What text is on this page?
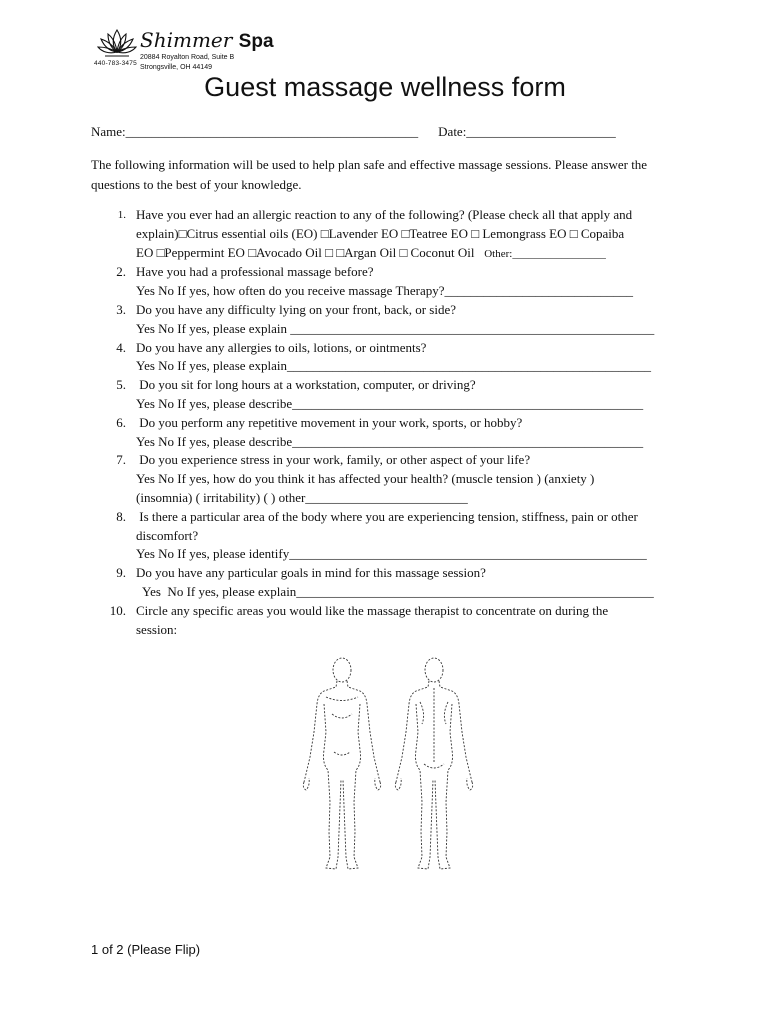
Shimmer Spa
440-783-3475
20884 Royalton Road, Suite B
Strongsville, OH 44149
Guest massage wellness form
Name:_____________________________________________ Date:_______________________

The following information will be used to help plan safe and effective massage sessions. Please answer the questions to the best of your knowledge.

1. Have you ever had an allergic reaction to any of the following? (Please check all that apply and
explain)□Citrus essential oils (EO) □Lavender EO □Teatree EO □ Lemongrass EO □ Copaiba
EO □Peppermint EO □Avocado Oil □ □Argan Oil □ Coconut Oil Other:_________________
2. Have you had a professional massage before?
Yes No If yes, how often do you receive massage Therapy?_____________________________
3. Do you have any difficulty lying on your front, back, or side?
Yes No If yes, please explain ________________________________________________________
4. Do you have any allergies to oils, lotions, or ointments?
Yes No If yes, please explain________________________________________________________
5. Do you sit for long hours at a workstation, computer, or driving?
Yes No If yes, please describe______________________________________________________
6. Do you perform any repetitive movement in your work, sports, or hobby?
Yes No If yes, please describe______________________________________________________
7. Do you experience stress in your work, family, or other aspect of your life?
Yes No If yes, how do you think it has affected your health? (muscle tension ) (anxiety )
(insomnia) ( irritability) ( ) other_________________________
8. Is there a particular area of the body where you are experiencing tension, stiffness, pain or other
discomfort?
Yes No If yes, please identify_______________________________________________________
9. Do you have any particular goals in mind for this massage session?
Yes  No If yes, please explain_______________________________________________________
10. Circle any specific areas you would like the massage therapist to concentrate on during the
session:

1 of 2 (Please Flip)
